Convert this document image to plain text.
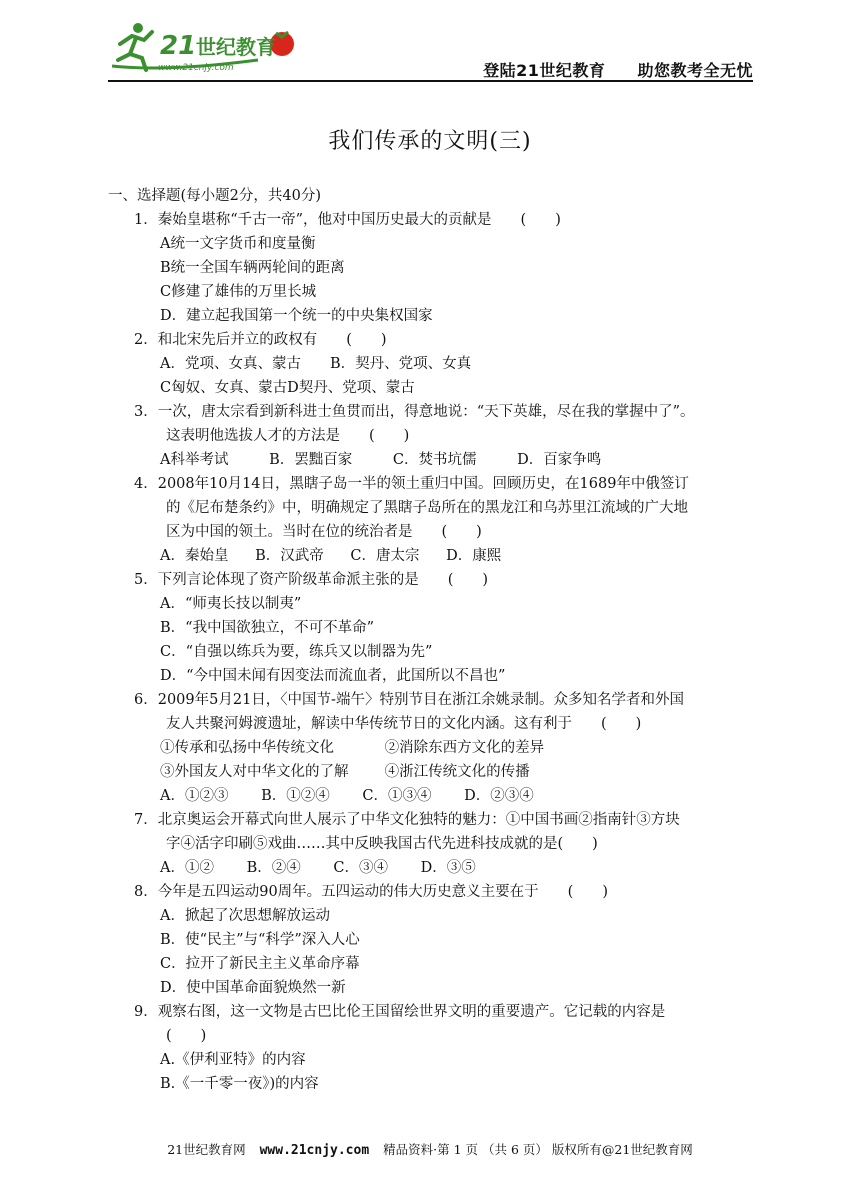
21 世纪教育
www.21cnjy.com	登陆21世纪教育 助您教考全无忧
我们传承的文明(三)
一、选择题(每小题2分，共40分)
1．秦始皇堪称“千古一帝”，他对中国历史最大的贡献是　　(　　)
A统一文字货币和度量衡
B统一全国车辆两轮间的距离
C修建了雄伟的万里长城
D．建立起我国第一个统一的中央集权国家
2．和北宋先后并立的政权有　　(　　)
A．党项、女真、蒙古　　B．契丹、党项、女真
C匈奴、女真、蒙古D契丹、党项、蒙古
3．一次，唐太宗看到新科进士鱼贯而出，得意地说：“天下英雄，尽在我的掌握中了”。
这表明他选拔人才的方法是　　(　　)
A科举考试	B．罢黜百家	C．焚书坑儒	D．百家争鸣
4．2008年10月14日，黑瞎子岛一半的领土重归中国。回顾历史，在1689年中俄签订
的《尼布楚条约》中，明确规定了黑瞎子岛所在的黑龙江和乌苏里江流域的广大地
区为中国的领土。当时在位的统治者是　　(　　)
A．秦始皇 B．汉武帝 C．唐太宗 D．康熙
5．下列言论体现了资产阶级革命派主张的是　　(　　)
A．“师夷长技以制夷”
B．“我中国欲独立，不可不革命”
C．“自强以练兵为要，练兵又以制器为先”
D．“今中国未闻有因变法而流血者，此国所以不昌也”
6．2009年5月21日，〈中国节-端午〉特别节目在浙江余姚录制。众多知名学者和外国
友人共聚河姆渡遗址，解读中华传统节日的文化内涵。这有利于　　(　　)
①传承和弘扬中华传统文化	②消除东西方文化的差异
③外国友人对中华文化的了解 ④浙江传统文化的传播
A．①②③ B．①②④ C．①③④ D．②③④
7．北京奥运会开幕式向世人展示了中华文化独特的魅力：①中国书画②指南针③方块
字④活字印刷⑤戏曲……其中反映我国古代先进科技成就的是(　　)
A．①② B．②④ C．③④ D．③⑤
8．今年是五四运动90周年。五四运动的伟大历史意义主要在于　　(　　)
A．掀起了次思想解放运动
B．使“民主”与“科学”深入人心
C．拉开了新民主主义革命序幕
D．使中国革命面貌焕然一新
9．观察右图，这一文物是古巴比伦王国留绘世界文明的重要遗产。它记载的内容是
(　　)
A.《伊利亚特》的内容
B.《一千零一夜》)的内容
21世纪教育网 www.21cnjy.com 精品资料·第 1 页 （共 6 页） 版权所有@21世纪教育网
